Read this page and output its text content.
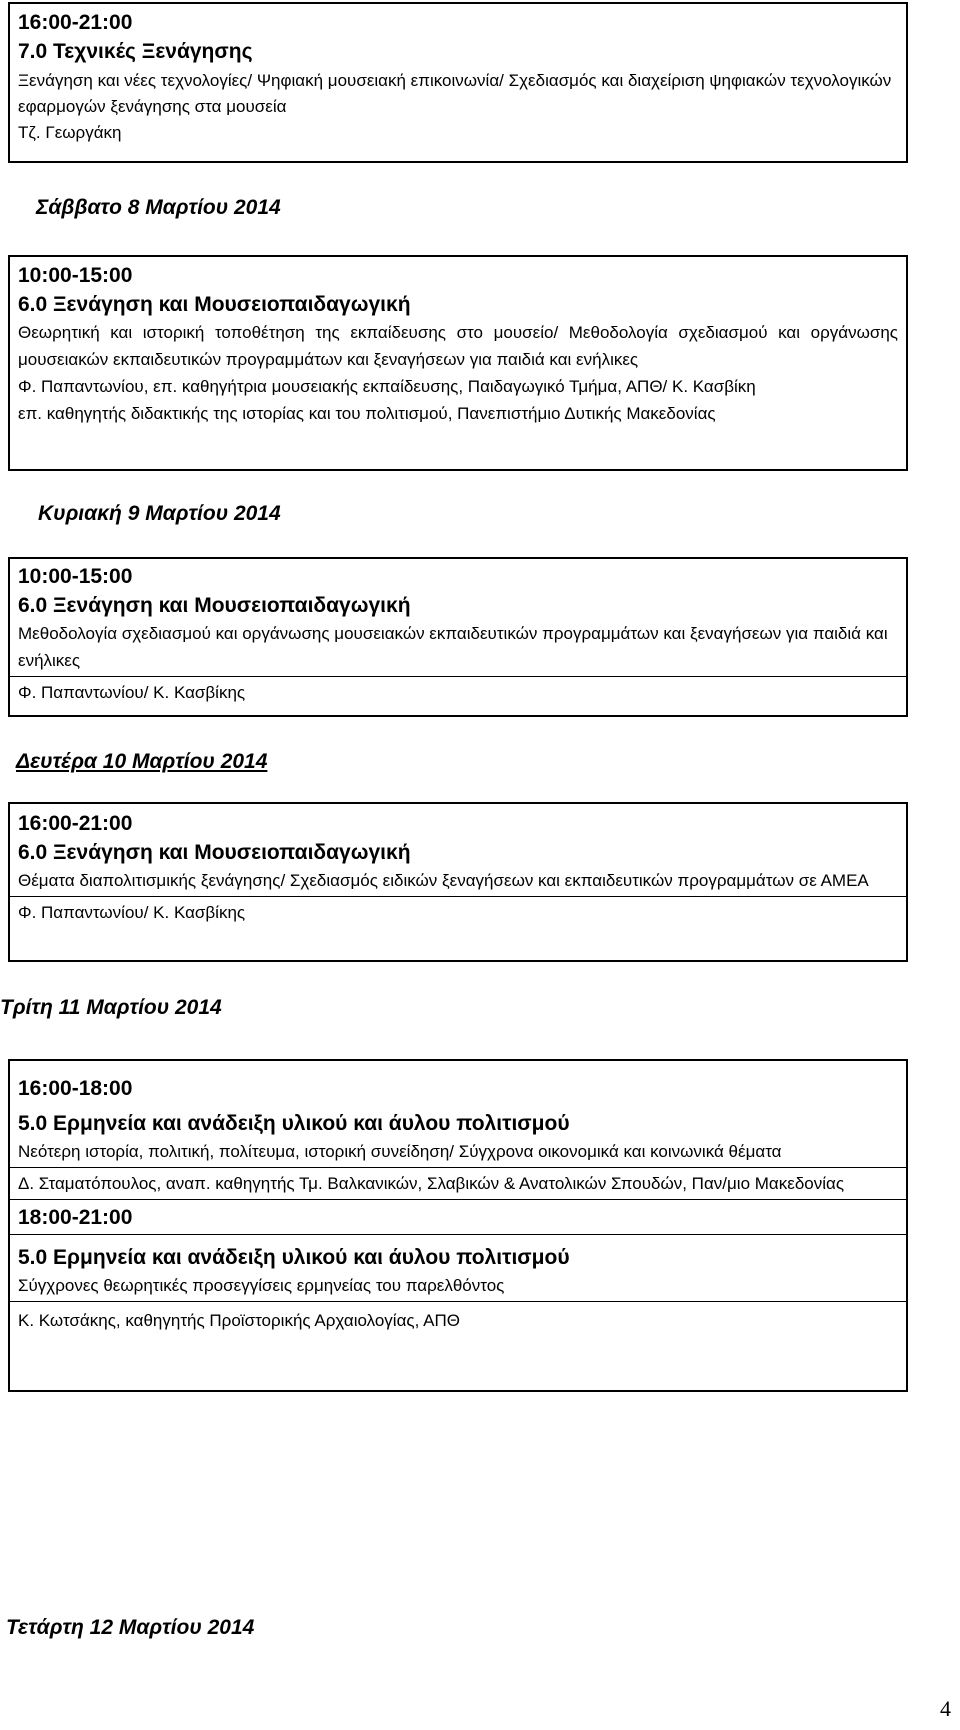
16:00-21:00
7.0 Τεχνικές Ξενάγησης
Ξενάγηση και νέες τεχνολογίες/ Ψηφιακή μουσειακή επικοινωνία/ Σχεδιασμός και διαχείριση ψηφιακών τεχνολογικών εφαρμογών ξενάγησης στα μουσεία
Τζ. Γεωργάκη
Σάββατο 8 Μαρτίου 2014
10:00-15:00
6.0 Ξενάγηση και Μουσειοπαιδαγωγική
Θεωρητική και ιστορική τοποθέτηση της εκπαίδευσης στο μουσείο/ Μεθοδολογία σχεδιασμού και οργάνωσης μουσειακών εκπαιδευτικών προγραμμάτων και ξεναγήσεων για παιδιά και ενήλικες
Φ. Παπαντωνίου, επ. καθηγήτρια μουσειακής εκπαίδευσης, Παιδαγωγικό Τμήμα, ΑΠΘ/ Κ. Κασβίκη
επ. καθηγητής διδακτικής της ιστορίας και του πολιτισμού, Πανεπιστήμιο Δυτικής Μακεδονίας
Κυριακή 9 Μαρτίου 2014
10:00-15:00
6.0 Ξενάγηση και Μουσειοπαιδαγωγική
Μεθοδολογία σχεδιασμού και οργάνωσης μουσειακών εκπαιδευτικών προγραμμάτων και ξεναγήσεων για παιδιά και ενήλικες
Φ. Παπαντωνίου/ Κ. Κασβίκης
Δευτέρα 10 Μαρτίου 2014
16:00-21:00
6.0 Ξενάγηση και Μουσειοπαιδαγωγική
Θέματα διαπολιτισμικής ξενάγησης/ Σχεδιασμός ειδικών ξεναγήσεων και εκπαιδευτικών προγραμμάτων σε ΑΜΕΑ
Φ. Παπαντωνίου/ Κ. Κασβίκης
Τρίτη 11 Μαρτίου 2014
16:00-18:00
5.0 Ερμηνεία και ανάδειξη υλικού και άυλου πολιτισμού
Νεότερη ιστορία, πολιτική, πολίτευμα, ιστορική συνείδηση/ Σύγχρονα οικονομικά και κοινωνικά θέματα
Δ. Σταματόπουλος, αναπ. καθηγητής Τμ. Βαλκανικών, Σλαβικών & Ανατολικών Σπουδών, Παν/μιο Μακεδονίας
18:00-21:00
5.0 Ερμηνεία και ανάδειξη υλικού και άυλου πολιτισμού
Σύγχρονες θεωρητικές προσεγγίσεις ερμηνείας του παρελθόντος
Κ. Κωτσάκης, καθηγητής Προϊστορικής Αρχαιολογίας, ΑΠΘ
Τετάρτη 12 Μαρτίου 2014
4
